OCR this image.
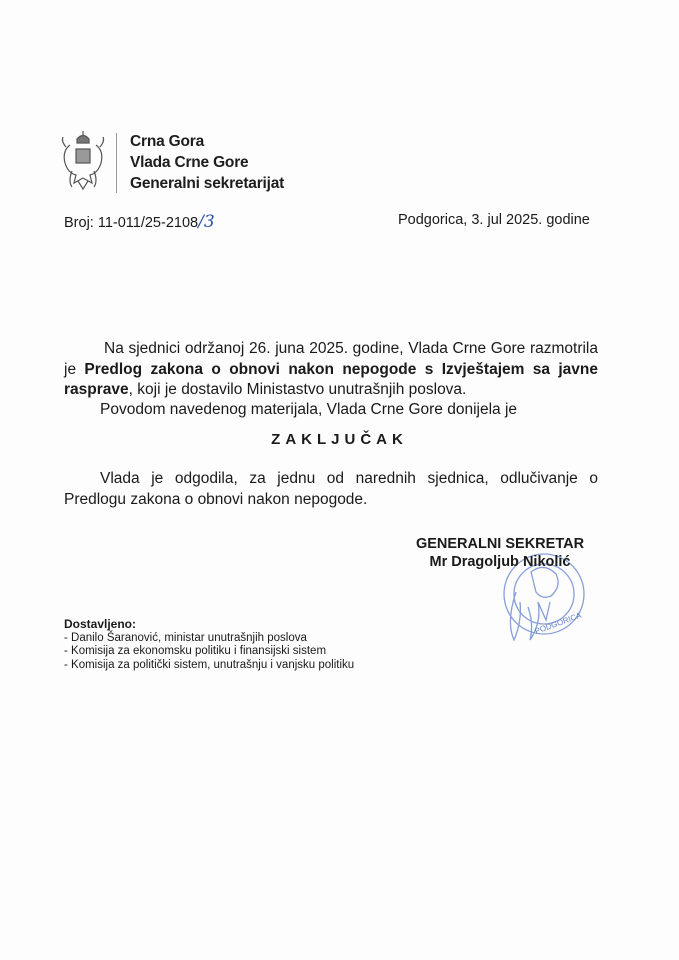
Crna Gora
Vlada Crne Gore
Generalni sekretarijat
Broj: 11-011/25-2108/3	Podgorica, 3. jul 2025. godine
Na sjednici održanoj 26. juna 2025. godine, Vlada Crne Gore razmotrila je Predlog zakona o obnovi nakon nepogode s Izvještajem sa javne rasprave, koji je dostavilo Ministastvo unutrašnjih poslova.
Povodom navedenog materijala, Vlada Crne Gore donijela je
ZAKLJUČAK
Vlada je odgodila, za jednu od narednih sjednica, odlučivanje o Predlogu zakona o obnovi nakon nepogode.
GENERALNI SEKRETAR
Mr Dragoljub Nikolić
PODGORICA
Dostavljeno:
- Danilo Šaranović, ministar unutrašnjih poslova
- Komisija za ekonomsku politiku i finansijski sistem
- Komisija za politički sistem, unutrašnju i vanjsku politiku
